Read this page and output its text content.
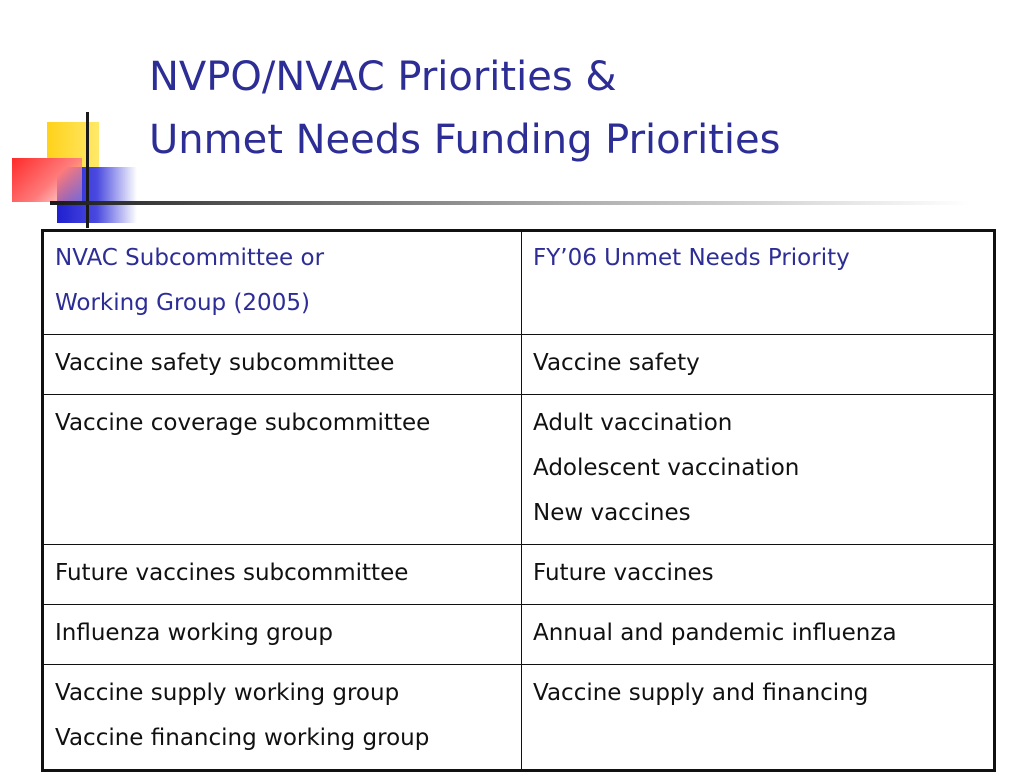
NVPO/NVAC Priorities &
Unmet Needs Funding Priorities
NVAC Subcommittee or
Working Group (2005)	FY’06 Unmet Needs Priority

Vaccine safety subcommittee	Vaccine safety

Vaccine coverage subcommittee	Adult vaccination
Adolescent vaccination
New vaccines

Future vaccines subcommittee	Future vaccines

Influenza working group	Annual and pandemic influenza

Vaccine supply working group
Vaccine financing working group	Vaccine supply and financing
